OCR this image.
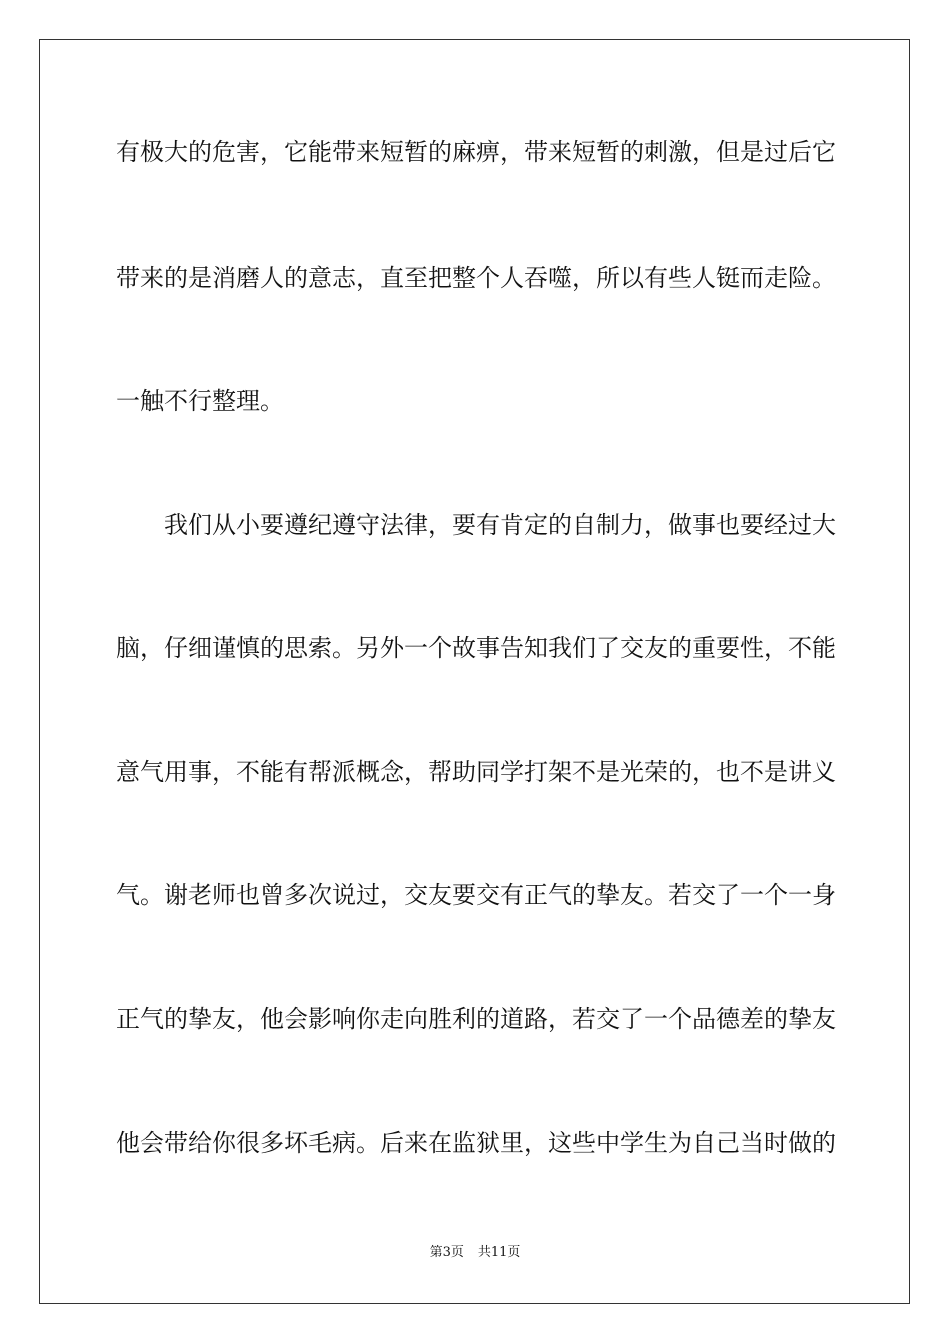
有极大的危害，它能带来短暂的麻痹，带来短暂的刺激，但是过后它
带来的是消磨人的意志，直至把整个人吞噬，所以有些人铤而走险。
一触不行整理。
我们从小要遵纪遵守法律，要有肯定的自制力，做事也要经过大
脑，仔细谨慎的思索。另外一个故事告知我们了交友的重要性，不能
意气用事，不能有帮派概念，帮助同学打架不是光荣的，也不是讲义
气。谢老师也曾多次说过，交友要交有正气的挚友。若交了一个一身
正气的挚友，他会影响你走向胜利的道路，若交了一个品德差的挚友
他会带给你很多坏毛病。后来在监狱里，这些中学生为自己当时做的
第3页 共11页
